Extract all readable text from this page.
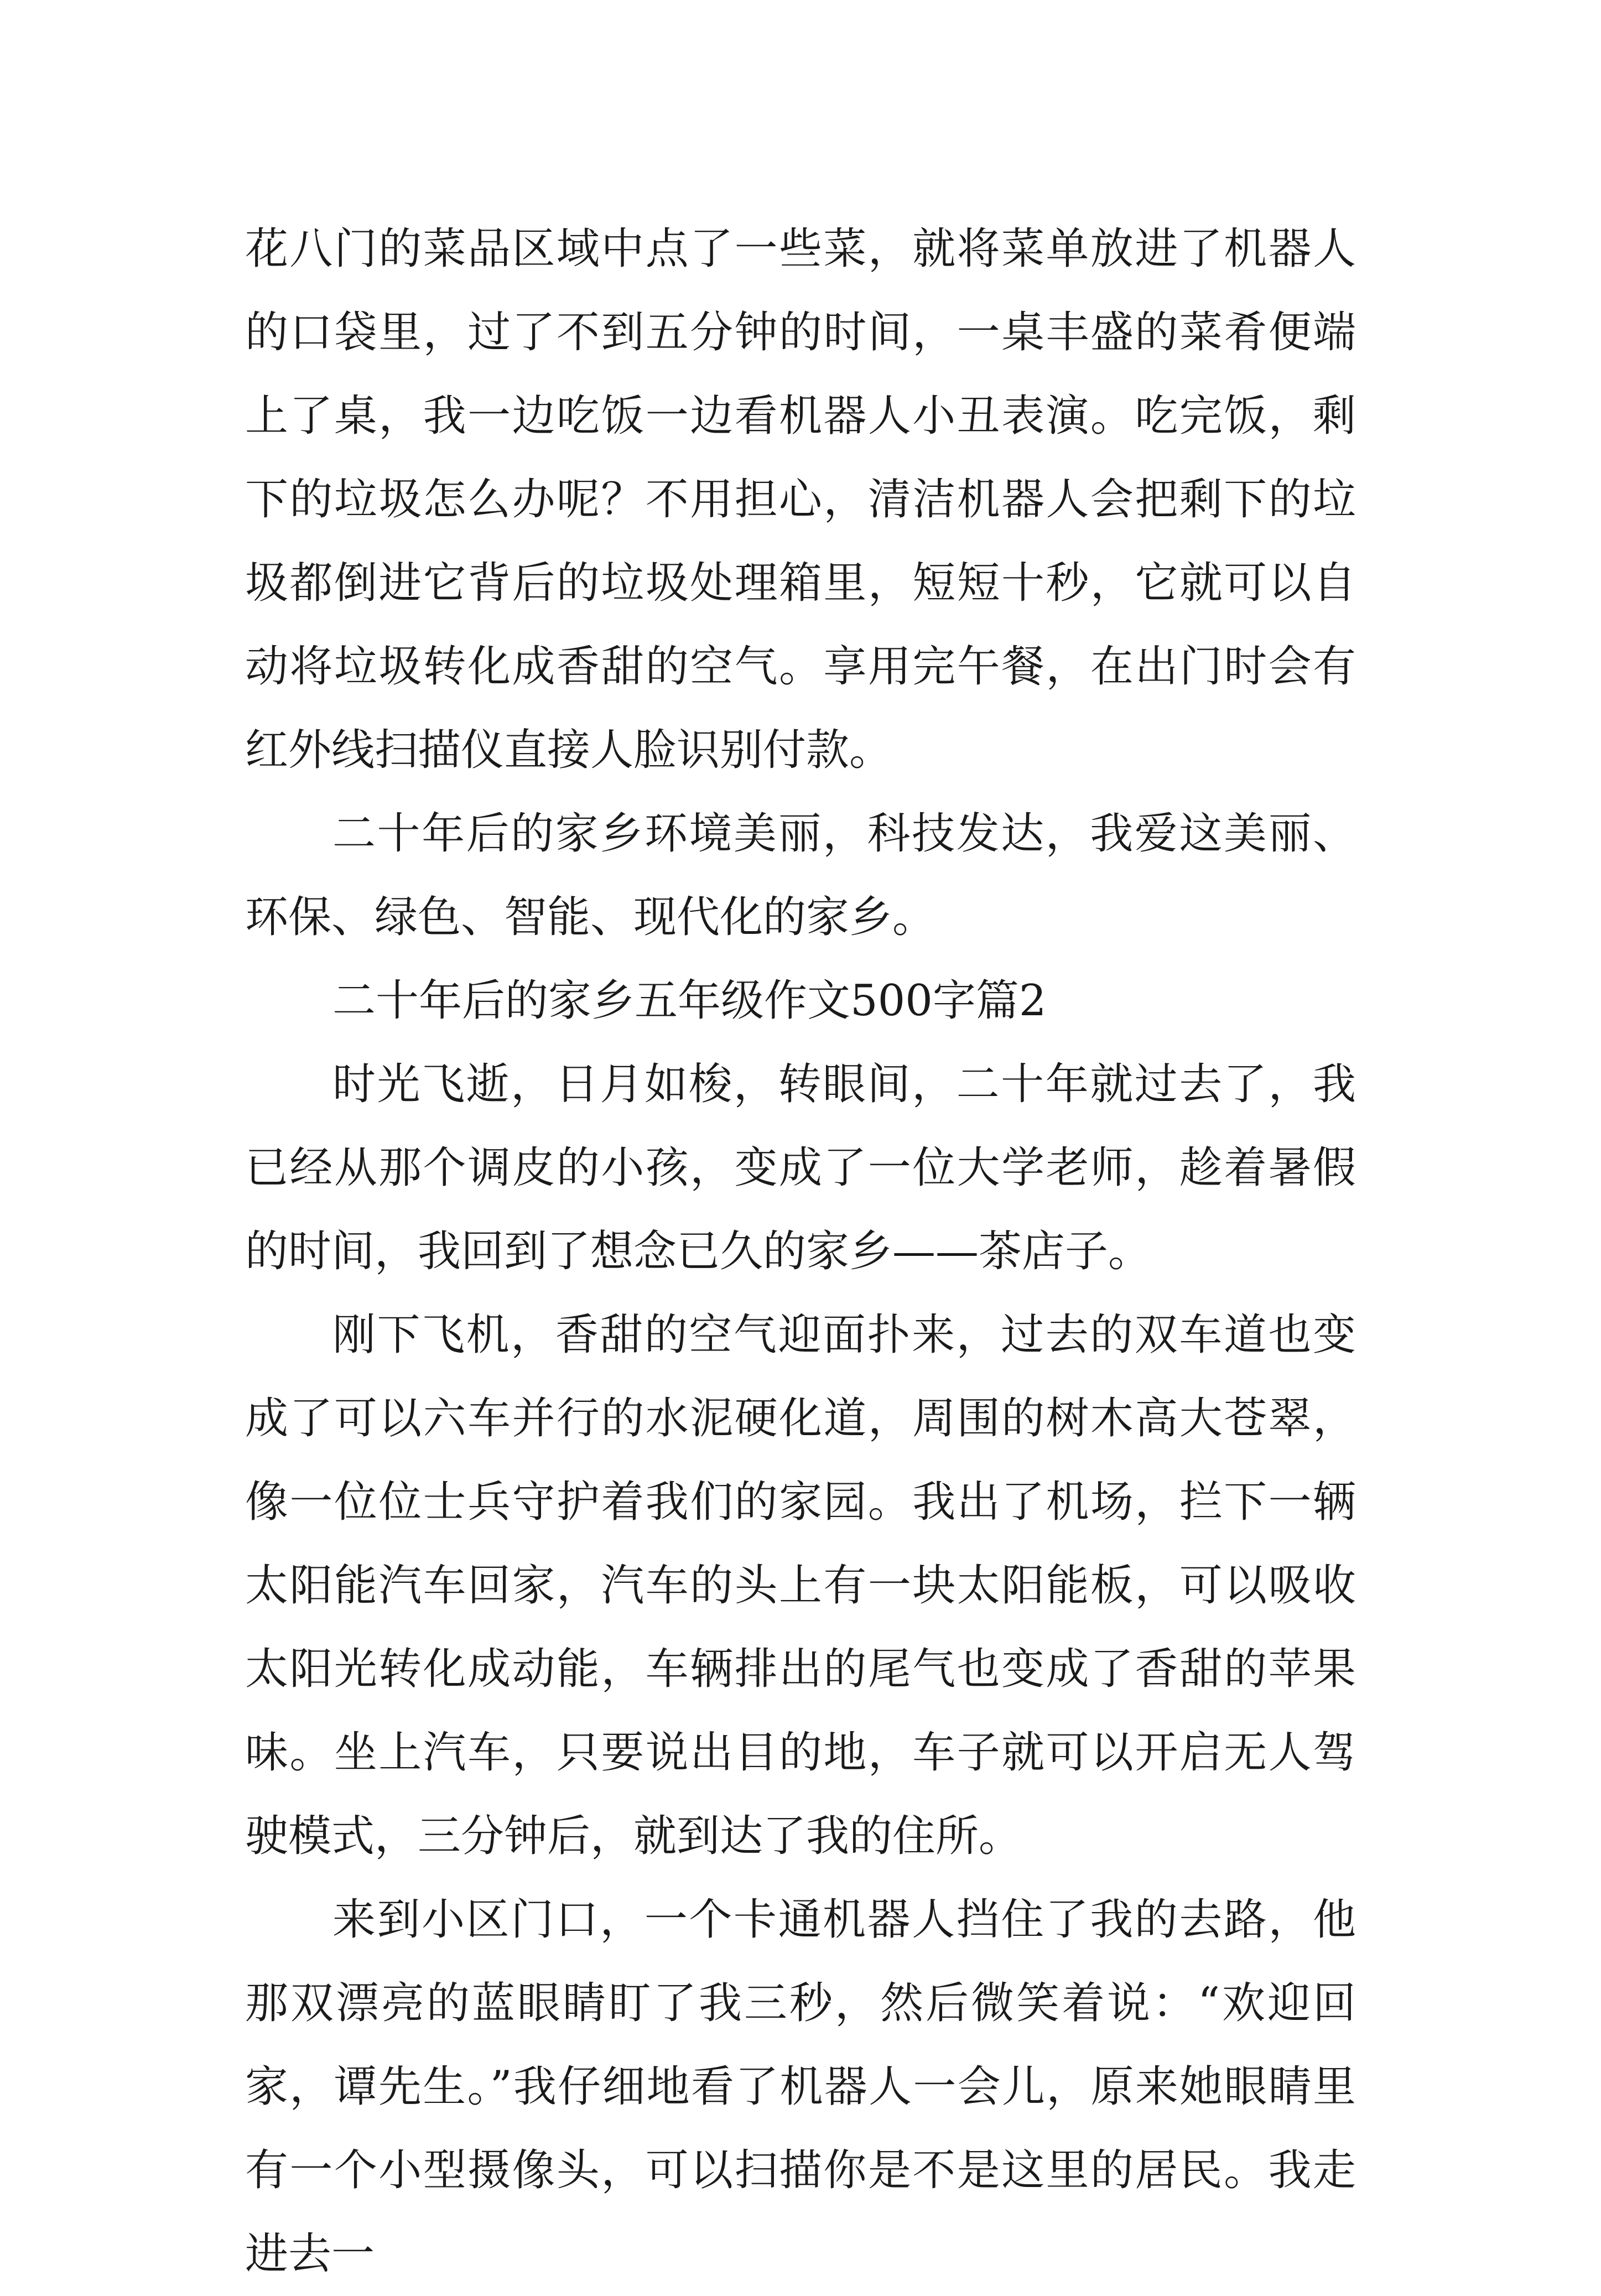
花八门的菜品区域中点了一些菜，就将菜单放进了机器人的口袋里，过了不到五分钟的时间，一桌丰盛的菜肴便端上了桌，我一边吃饭一边看机器人小丑表演。吃完饭，剩下的垃圾怎么办呢？不用担心，清洁机器人会把剩下的垃圾都倒进它背后的垃圾处理箱里，短短十秒，它就可以自动将垃圾转化成香甜的空气。享用完午餐，在出门时会有红外线扫描仪直接人脸识别付款。

二十年后的家乡环境美丽，科技发达，我爱这美丽、环保、绿色、智能、现代化的家乡。

二十年后的家乡五年级作文500字篇2

时光飞逝，日月如梭，转眼间，二十年就过去了，我已经从那个调皮的小孩，变成了一位大学老师，趁着暑假的时间，我回到了想念已久的家乡——茶店子。

刚下飞机，香甜的空气迎面扑来，过去的双车道也变成了可以六车并行的水泥硬化道，周围的树木高大苍翠，像一位位士兵守护着我们的家园。我出了机场，拦下一辆太阳能汽车回家，汽车的头上有一块太阳能板，可以吸收太阳光转化成动能，车辆排出的尾气也变成了香甜的苹果味。坐上汽车，只要说出目的地，车子就可以开启无人驾驶模式，三分钟后，就到达了我的住所。

来到小区门口，一个卡通机器人挡住了我的去路，他那双漂亮的蓝眼睛盯了我三秒，然后微笑着说：“欢迎回家，谭先生。”我仔细地看了机器人一会儿，原来她眼睛里有一个小型摄像头，可以扫描你是不是这里的居民。我走进去一
